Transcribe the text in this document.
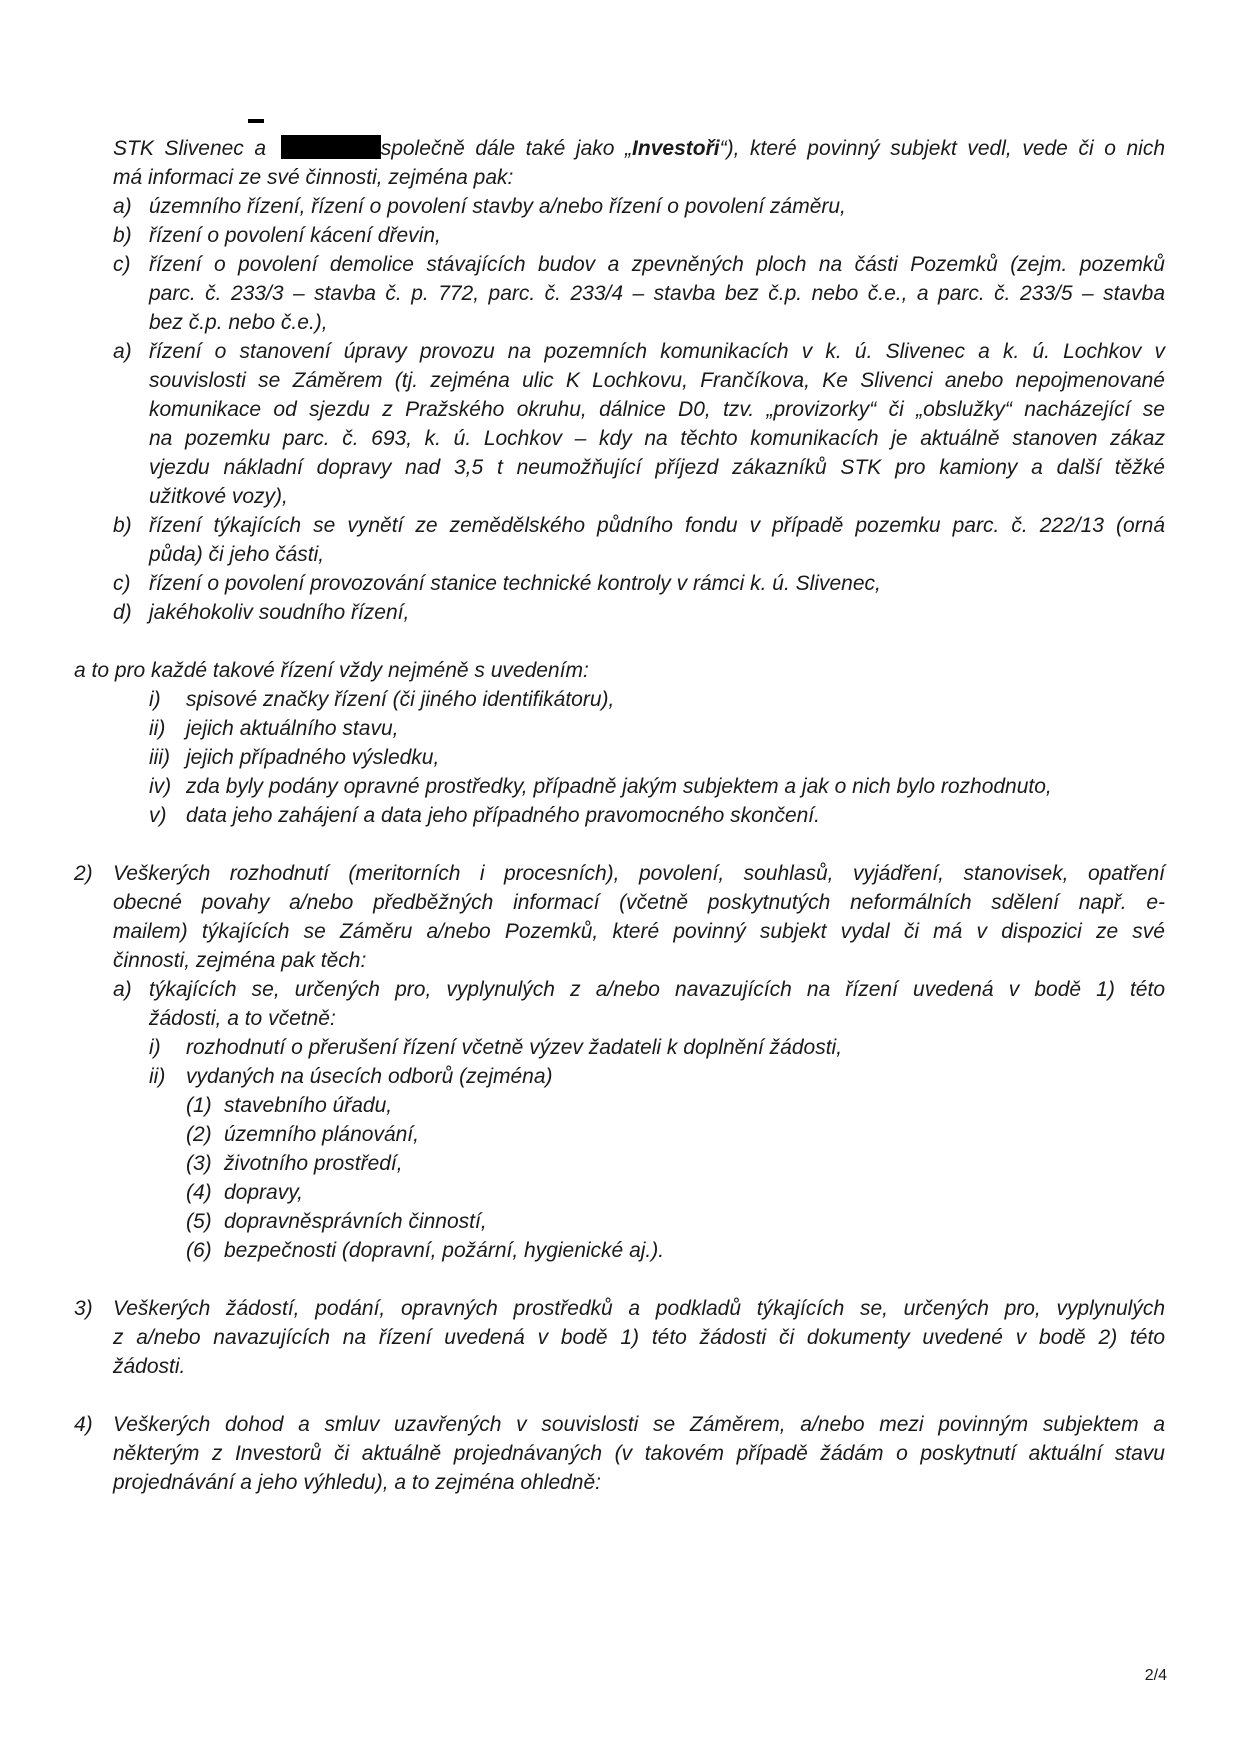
STK Slivenec a	společně dále také jako „Investoři“), které povinný subjekt vedl, vede či o nich
má informaci ze své činnosti, zejména pak:
a) územního řízení, řízení o povolení stavby a/nebo řízení o povolení záměru,
b) řízení o povolení kácení dřevin,
c) řízení o povolení demolice stávajících budov a zpevněných ploch na části Pozemků (zejm. pozemků
parc. č. 233/3 – stavba č. p. 772, parc. č. 233/4 – stavba bez č.p. nebo č.e., a parc. č. 233/5 – stavba
bez č.p. nebo č.e.),
a) řízení o stanovení úpravy provozu na pozemních komunikacích v k. ú. Slivenec a k. ú. Lochkov v
souvislosti se Záměrem (tj. zejména ulic K Lochkovu, Frančíkova, Ke Slivenci anebo nepojmenované
komunikace od sjezdu z Pražského okruhu, dálnice D0, tzv. „provizorky“ či „obslužky“ nacházející se
na pozemku parc. č. 693, k. ú. Lochkov – kdy na těchto komunikacích je aktuálně stanoven zákaz
vjezdu nákladní dopravy nad 3,5 t neumožňující příjezd zákazníků STK pro kamiony a další těžké
užitkové vozy),
b) řízení týkajících se vynětí ze zemědělského půdního fondu v případě pozemku parc. č. 222/13 (orná
půda) či jeho části,
c) řízení o povolení provozování stanice technické kontroly v rámci k. ú. Slivenec,
d) jakéhokoliv soudního řízení,
a to pro každé takové řízení vždy nejméně s uvedením:
i) spisové značky řízení (či jiného identifikátoru),
ii) jejich aktuálního stavu,
iii) jejich případného výsledku,
iv) zda byly podány opravné prostředky, případně jakým subjektem a jak o nich bylo rozhodnuto,
v) data jeho zahájení a data jeho případného pravomocného skončení.
2) Veškerých rozhodnutí (meritorních i procesních), povolení, souhlasů, vyjádření, stanovisek, opatření
obecné povahy a/nebo předběžných informací (včetně poskytnutých neformálních sdělení např. e-
mailem) týkajících se Záměru a/nebo Pozemků, které povinný subjekt vydal či má v dispozici ze své
činnosti, zejména pak těch:
a) týkajících se, určených pro, vyplynulých z a/nebo navazujících na řízení uvedená v bodě 1) této
žádosti, a to včetně:
i) rozhodnutí o přerušení řízení včetně výzev žadateli k doplnění žádosti,
ii) vydaných na úsecích odborů (zejména)
(1) stavebního úřadu,
(2) územního plánování,
(3) životního prostředí,
(4) dopravy,
(5) dopravněsprávních činností,
(6) bezpečnosti (dopravní, požární, hygienické aj.).
3) Veškerých žádostí, podání, opravných prostředků a podkladů týkajících se, určených pro, vyplynulých
z a/nebo navazujících na řízení uvedená v bodě 1) této žádosti či dokumenty uvedené v bodě 2) této
žádosti.
4) Veškerých dohod a smluv uzavřených v souvislosti se Záměrem, a/nebo mezi povinným subjektem a
některým z Investorů či aktuálně projednávaných (v takovém případě žádám o poskytnutí aktuální stavu
projednávání a jeho výhledu), a to zejména ohledně:
2/4
